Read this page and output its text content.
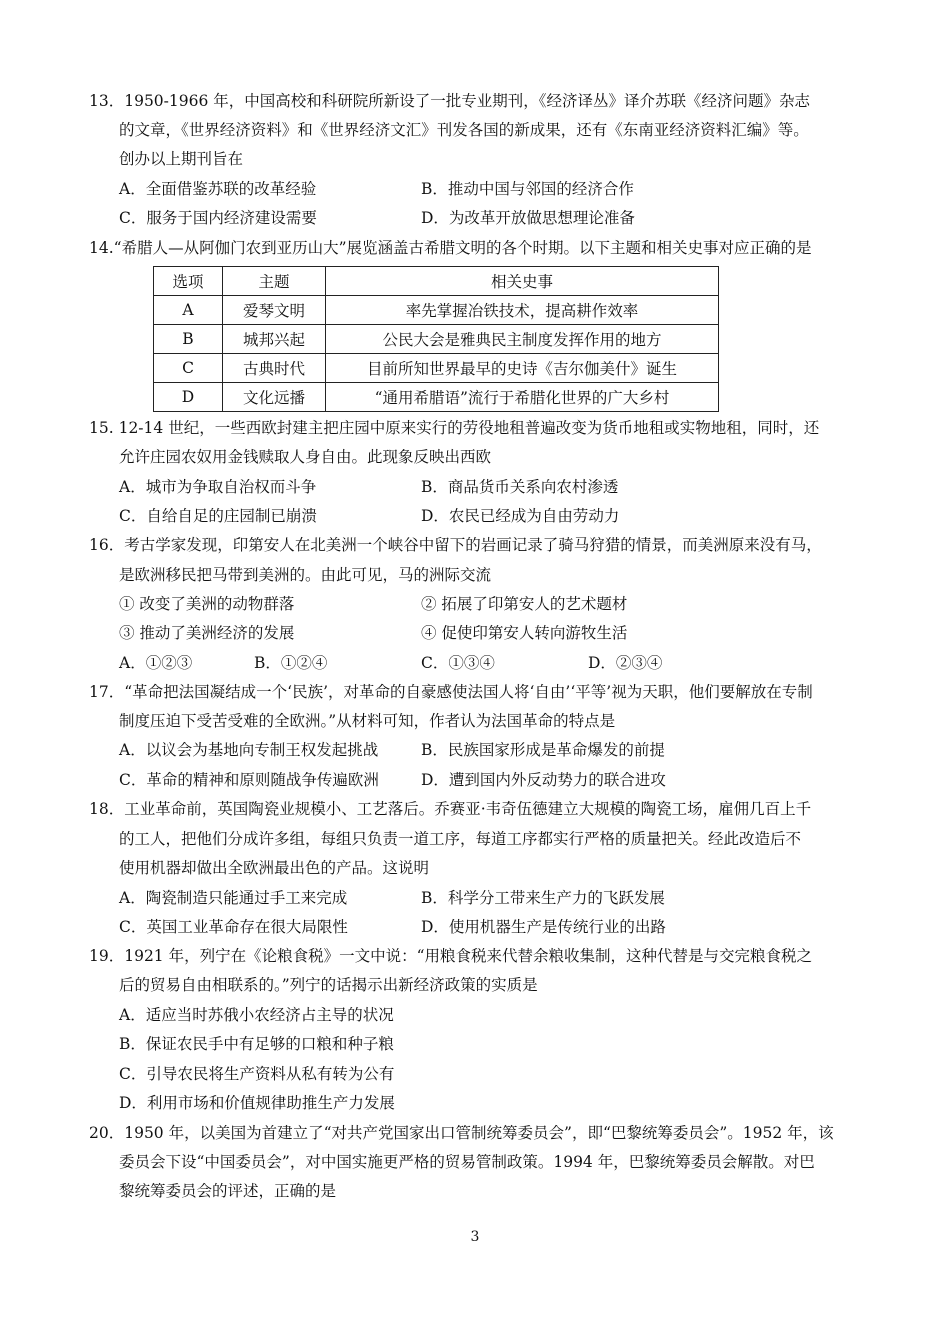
13．1950-1966 年，中国高校和科研院所新设了一批专业期刊，《经济译丛》译介苏联《经济问题》杂志
的文章，《世界经济资料》和《世界经济文汇》刊发各国的新成果，还有《东南亚经济资料汇编》等。
创办以上期刊旨在
A．全面借鉴苏联的改革经验	B．推动中国与邻国的经济合作
C．服务于国内经济建设需要	D．为改革开放做思想理论准备
14.“希腊人—从阿伽门农到亚历山大”展览涵盖古希腊文明的各个时期。以下主题和相关史事对应正确的是
选项	主题	相关史事
A	爱琴文明	率先掌握冶铁技术，提高耕作效率
B	城邦兴起	公民大会是雅典民主制度发挥作用的地方
C	古典时代	目前所知世界最早的史诗《吉尔伽美什》诞生
D	文化远播	“通用希腊语”流行于希腊化世界的广大乡村
15. 12-14 世纪，一些西欧封建主把庄园中原来实行的劳役地租普遍改变为货币地租或实物地租，同时，还
允许庄园农奴用金钱赎取人身自由。此现象反映出西欧
A．城市为争取自治权而斗争	B．商品货币关系向农村渗透
C．自给自足的庄园制已崩溃	D．农民已经成为自由劳动力
16．考古学家发现，印第安人在北美洲一个峡谷中留下的岩画记录了骑马狩猎的情景，而美洲原来没有马，
是欧洲移民把马带到美洲的。由此可见，马的洲际交流
① 改变了美洲的动物群落	② 拓展了印第安人的艺术题材
③ 推动了美洲经济的发展	④ 促使印第安人转向游牧生活
A．①②③	B．①②④	C．①③④	D．②③④
17．“革命把法国凝结成一个‘民族’，对革命的自豪感使法国人将‘自由’‘平等’视为天职，他们要解放在专制
制度压迫下受苦受难的全欧洲。”从材料可知，作者认为法国革命的特点是
A．以议会为基地向专制王权发起挑战	B．民族国家形成是革命爆发的前提
C．革命的精神和原则随战争传遍欧洲	D．遭到国内外反动势力的联合进攻
18．工业革命前，英国陶瓷业规模小、工艺落后。乔赛亚·韦奇伍德建立大规模的陶瓷工场，雇佣几百上千
的工人，把他们分成许多组，每组只负责一道工序，每道工序都实行严格的质量把关。经此改造后不
使用机器却做出全欧洲最出色的产品。这说明
A．陶瓷制造只能通过手工来完成	B．科学分工带来生产力的飞跃发展
C．英国工业革命存在很大局限性	D．使用机器生产是传统行业的出路
19．1921 年，列宁在《论粮食税》一文中说：“用粮食税来代替余粮收集制，这种代替是与交完粮食税之
后的贸易自由相联系的。”列宁的话揭示出新经济政策的实质是
A．适应当时苏俄小农经济占主导的状况
B．保证农民手中有足够的口粮和种子粮
C．引导农民将生产资料从私有转为公有
D．利用市场和价值规律助推生产力发展
20．1950 年，以美国为首建立了“对共产党国家出口管制统筹委员会”，即“巴黎统筹委员会”。1952 年，该
委员会下设“中国委员会”，对中国实施更严格的贸易管制政策。1994 年，巴黎统筹委员会解散。对巴
黎统筹委员会的评述，正确的是
3
